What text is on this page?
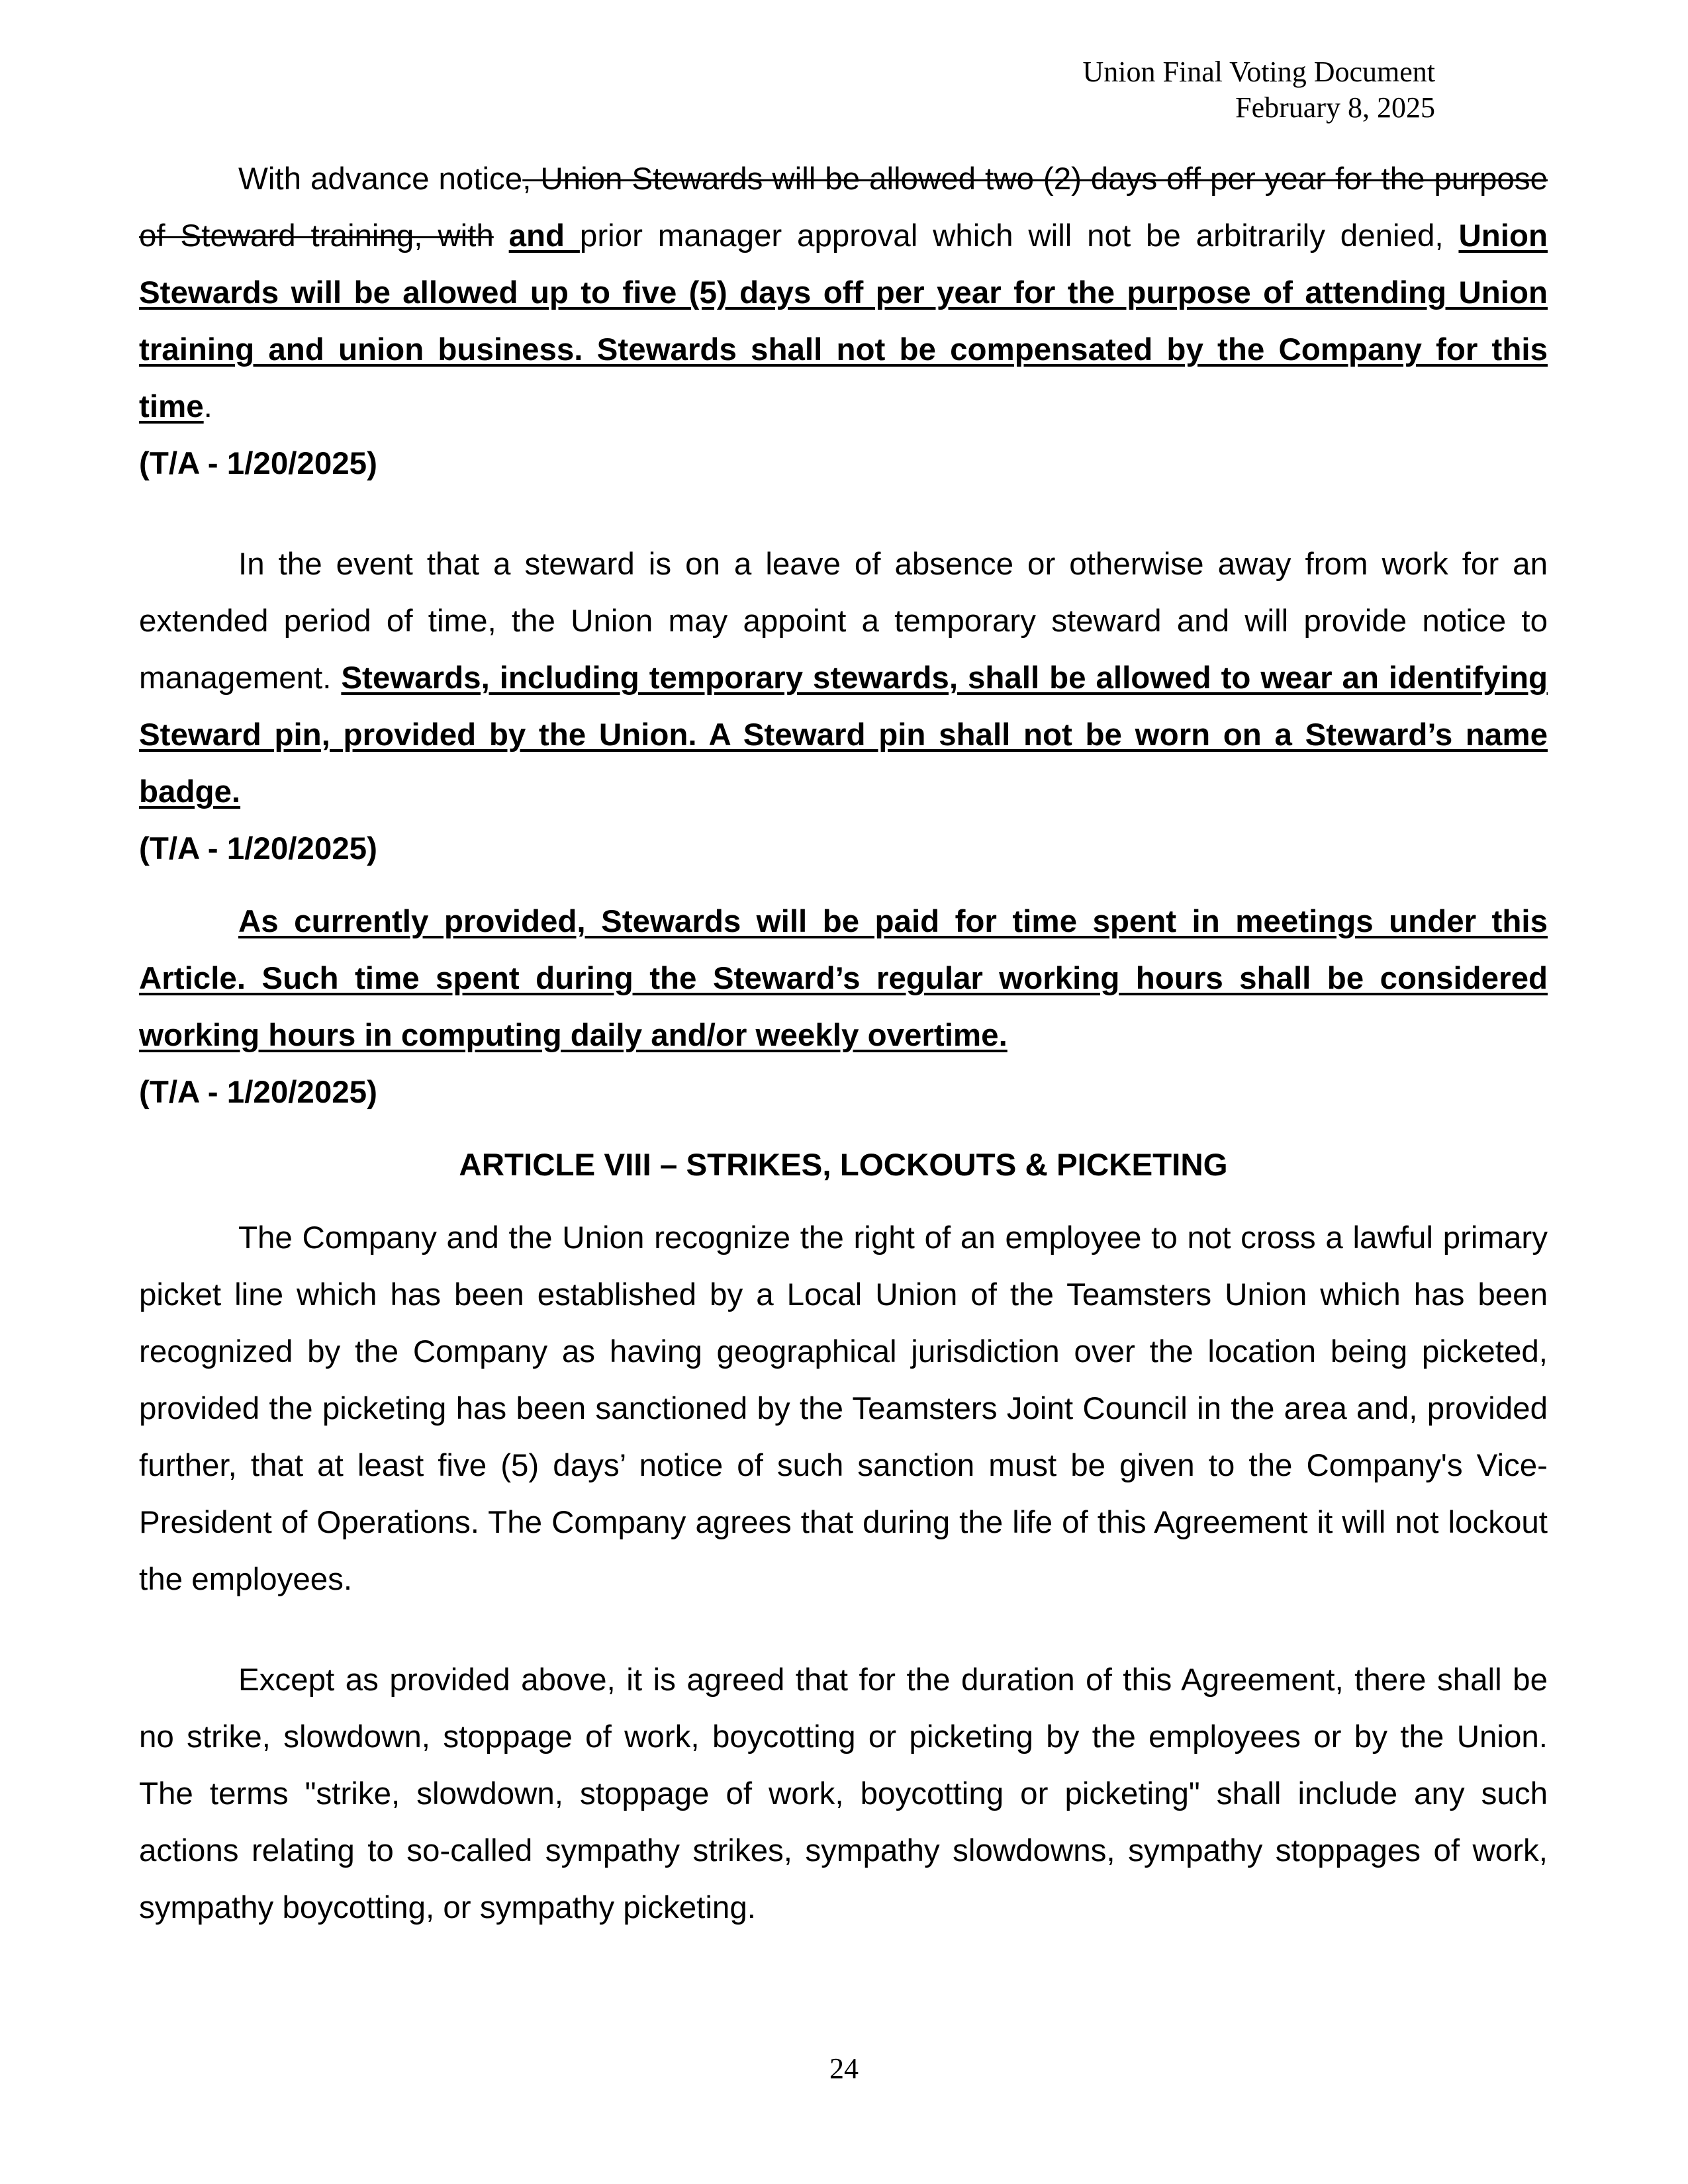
Union Final Voting Document
February 8, 2025

With advance notice, Union Stewards will be allowed two (2) days off per year for the purpose of Steward training, with and prior manager approval which will not be arbitrarily denied, Union Stewards will be allowed up to five (5) days off per year for the purpose of attending Union training and union business. Stewards shall not be compensated by the Company for this time.

(T/A - 1/20/2025)

In the event that a steward is on a leave of absence or otherwise away from work for an extended period of time, the Union may appoint a temporary steward and will provide notice to management. Stewards, including temporary stewards, shall be allowed to wear an identifying Steward pin, provided by the Union. A Steward pin shall not be worn on a Steward’s name badge.

(T/A - 1/20/2025)

As currently provided, Stewards will be paid for time spent in meetings under this Article. Such time spent during the Steward’s regular working hours shall be considered working hours in computing daily and/or weekly overtime.

(T/A - 1/20/2025)

ARTICLE VIII – STRIKES, LOCKOUTS & PICKETING

The Company and the Union recognize the right of an employee to not cross a lawful primary picket line which has been established by a Local Union of the Teamsters Union which has been recognized by the Company as having geographical jurisdiction over the location being picketed, provided the picketing has been sanctioned by the Teamsters Joint Council in the area and, provided further, that at least five (5) days’ notice of such sanction must be given to the Company's Vice-President of Operations. The Company agrees that during the life of this Agreement it will not lockout the employees.

Except as provided above, it is agreed that for the duration of this Agreement, there shall be no strike, slowdown, stoppage of work, boycotting or picketing by the employees or by the Union. The terms "strike, slowdown, stoppage of work, boycotting or picketing" shall include any such actions relating to so-called sympathy strikes, sympathy slowdowns, sympathy stoppages of work, sympathy boycotting, or sympathy picketing.

24
